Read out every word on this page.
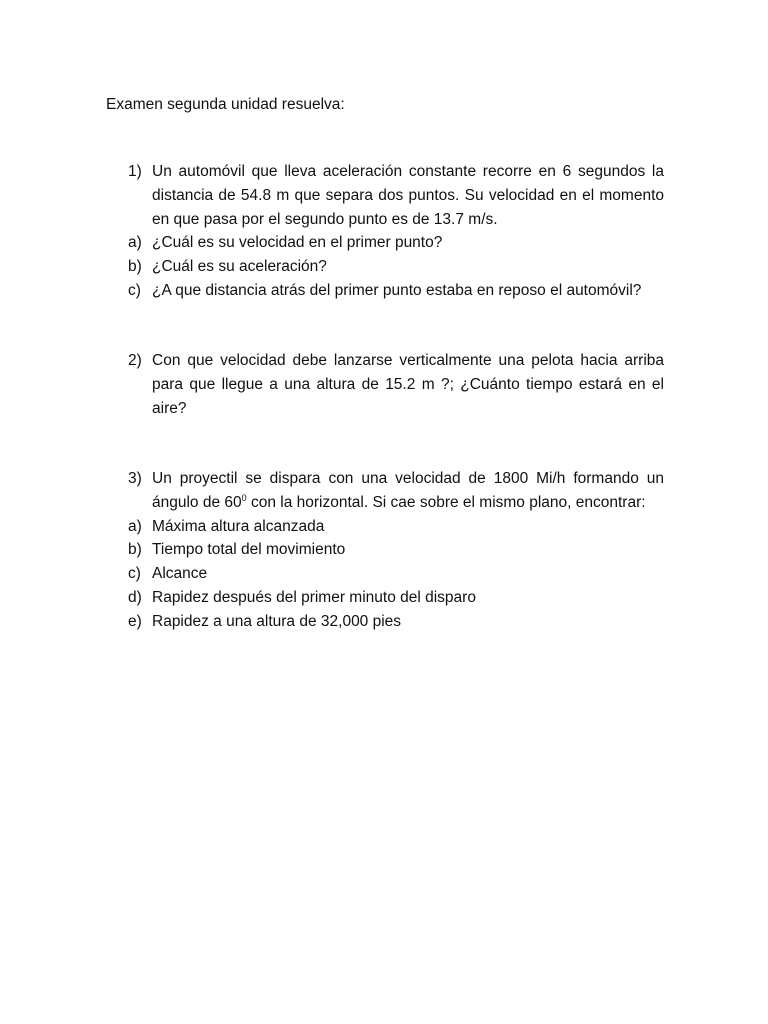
Examen segunda unidad resuelva:
1) Un automóvil que lleva aceleración constante recorre en 6 segundos la distancia de 54.8 m que separa dos puntos. Su velocidad en el momento en que pasa por el segundo punto es de 13.7 m/s.
a) ¿Cuál es su velocidad en el primer punto?
b) ¿Cuál es su aceleración?
c) ¿A que distancia atrás del primer punto estaba en reposo el automóvil?
2) Con que velocidad debe lanzarse verticalmente una pelota hacia arriba para que llegue a una altura de 15.2 m ?; ¿Cuánto tiempo estará en el aire?
3) Un proyectil se dispara con una velocidad de 1800 Mi/h formando un ángulo de $60^0$ con la horizontal. Si cae sobre el mismo plano, encontrar:
a) Máxima altura alcanzada
b) Tiempo total del movimiento
c) Alcance
d) Rapidez después del primer minuto del disparo
e) Rapidez a una altura de 32,000 pies
